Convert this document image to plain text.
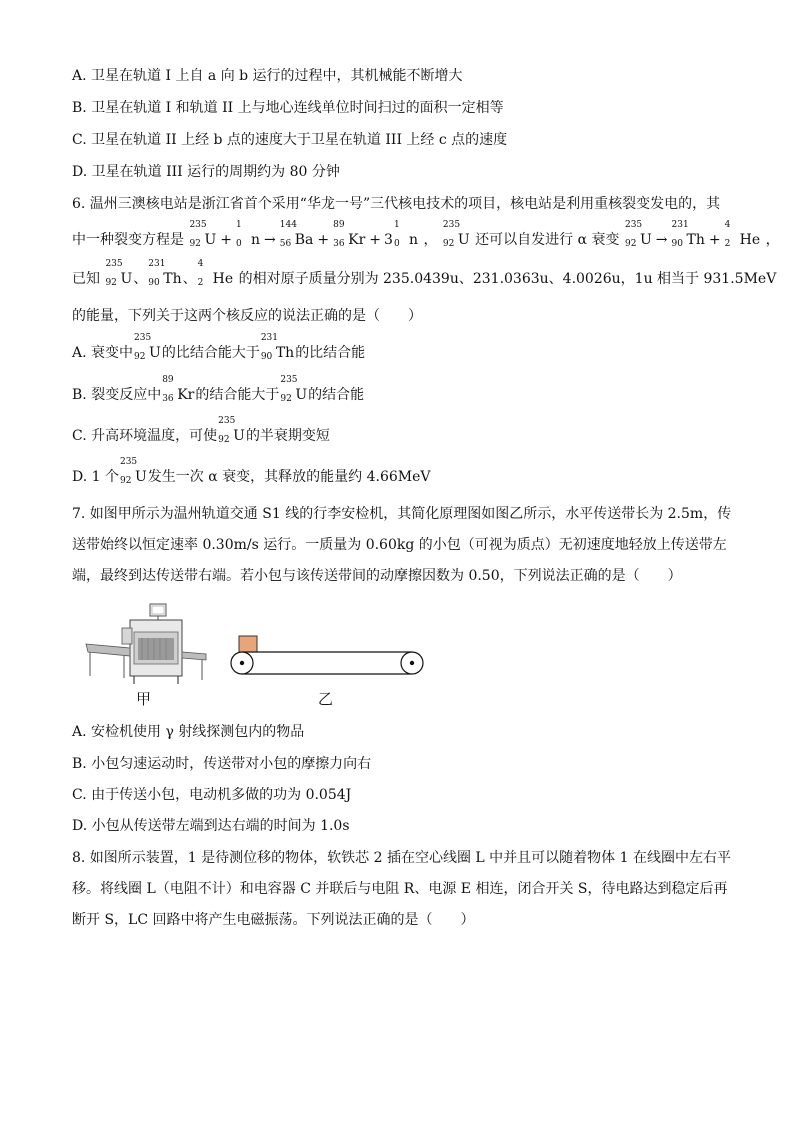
A. 卫星在轨道 I 上自 a 向 b 运行的过程中，其机械能不断增大
B. 卫星在轨道 I 和轨道 II 上与地心连线单位时间扫过的面积一定相等
C. 卫星在轨道 II 上经 b 点的速度大于卫星在轨道 III 上经 c 点的速度
D. 卫星在轨道 III 运行的周期约为 80 分钟
6. 温州三澳核电站是浙江省首个采用“华龙一号”三代核电技术的项目，核电站是利用重核裂变发电的，其
中一种裂变方程是
235
92 U +
1
0 n →
144
56 Ba +
89
36 Kr + 3
1
0 n ，
235
92 U 还可以自发进行 α 衰变
235
92 U →
231
90 Th +
4
2 He ，
已知
235
92 U、
231
90 Th、
4
2 He 的相对原子质量分别为 235.0439u、231.0363u、4.0026u，1u 相当于 931.5MeV
的能量，下列关于这两个核反应的说法正确的是（　　）
A. 衰变中
235
92 U的比结合能大于
231
90 Th的比结合能
B. 裂变反应中
89
36 Kr的结合能大于
235
92 U的结合能
C. 升高环境温度，可使
235
92 U的半衰期变短
D. 1 个
235
92 U发生一次 α 衰变，其释放的能量约 4.66MeV
7. 如图甲所示为温州轨道交通 S1 线的行李安检机，其简化原理图如图乙所示，水平传送带长为 2.5m，传
送带始终以恒定速率 0.30m/s 运行。一质量为 0.60kg 的小包（可视为质点）无初速度地轻放上传送带左
端，最终到达传送带右端。若小包与该传送带间的动摩擦因数为 0.50，下列说法正确的是（　　）
甲	乙
A. 安检机使用 γ 射线探测包内的物品
B. 小包匀速运动时，传送带对小包的摩擦力向右
C. 由于传送小包，电动机多做的功为 0.054J
D. 小包从传送带左端到达右端的时间为 1.0s
8. 如图所示装置，1 是待测位移的物体，软铁芯 2 插在空心线圈 L 中并且可以随着物体 1 在线圈中左右平
移。将线圈 L（电阻不计）和电容器 C 并联后与电阻 R、电源 E 相连，闭合开关 S，待电路达到稳定后再
断开 S，LC 回路中将产生电磁振荡。下列说法正确的是（　　）
